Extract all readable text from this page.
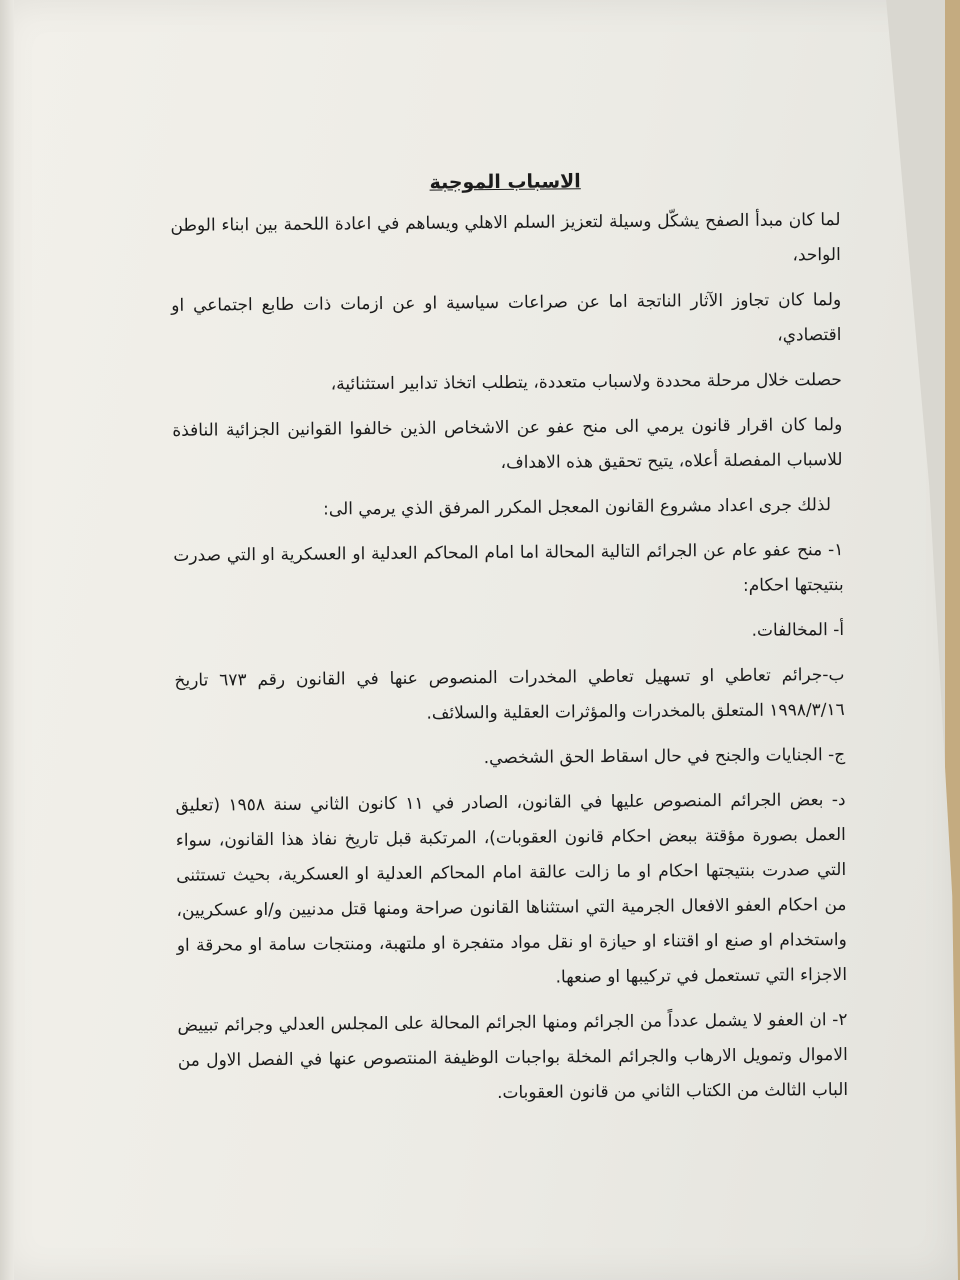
الاسباب الموجبة

لما كان مبدأ الصفح يشكّل وسيلة لتعزيز السلم الاهلي ويساهم في اعادة اللحمة بين ابناء الوطن الواحد،

ولما كان تجاوز الآثار الناتجة اما عن صراعات سياسية او عن ازمات ذات طابع اجتماعي او اقتصادي،

حصلت خلال مرحلة محددة ولاسباب متعددة، يتطلب اتخاذ تدابير استثنائية،

ولما كان اقرار قانون يرمي الى منح عفو عن الاشخاص الذين خالفوا القوانين الجزائية النافذة للاسباب المفصلة أعلاه، يتيح تحقيق هذه الاهداف،

لذلك جرى اعداد مشروع القانون المعجل المكرر المرفق الذي يرمي الى:

١- منح عفو عام عن الجرائم التالية المحالة اما امام المحاكم العدلية او العسكرية او التي صدرت بنتيجتها احكام:

أ- المخالفات.

ب-جرائم تعاطي او تسهيل تعاطي المخدرات المنصوص عنها في القانون رقم ٦٧٣ تاريخ ١٩٩٨/٣/١٦ المتعلق بالمخدرات والمؤثرات العقلية والسلائف.

ج- الجنايات والجنح في حال اسقاط الحق الشخصي.

د- بعض الجرائم المنصوص عليها في القانون، الصادر في ١١ كانون الثاني سنة ١٩٥٨ (تعليق العمل بصورة مؤقتة ببعض احكام قانون العقوبات)، المرتكبة قبل تاريخ نفاذ هذا القانون، سواء التي صدرت بنتيجتها احكام او ما زالت عالقة امام المحاكم العدلية او العسكرية، بحيث تستثنى من احكام العفو الافعال الجرمية التي استثناها القانون صراحة ومنها قتل مدنيين و/او عسكريين، واستخدام او صنع او اقتناء او حيازة او نقل مواد متفجرة او ملتهبة، ومنتجات سامة او محرقة او الاجزاء التي تستعمل في تركيبها او صنعها.

٢- ان العفو لا يشمل عدداً من الجرائم ومنها الجرائم المحالة على المجلس العدلي وجرائم تبييض الاموال وتمويل الارهاب والجرائم المخلة بواجبات الوظيفة المنتصوص عنها في الفصل الاول من الباب الثالث من الكتاب الثاني من قانون العقوبات.
